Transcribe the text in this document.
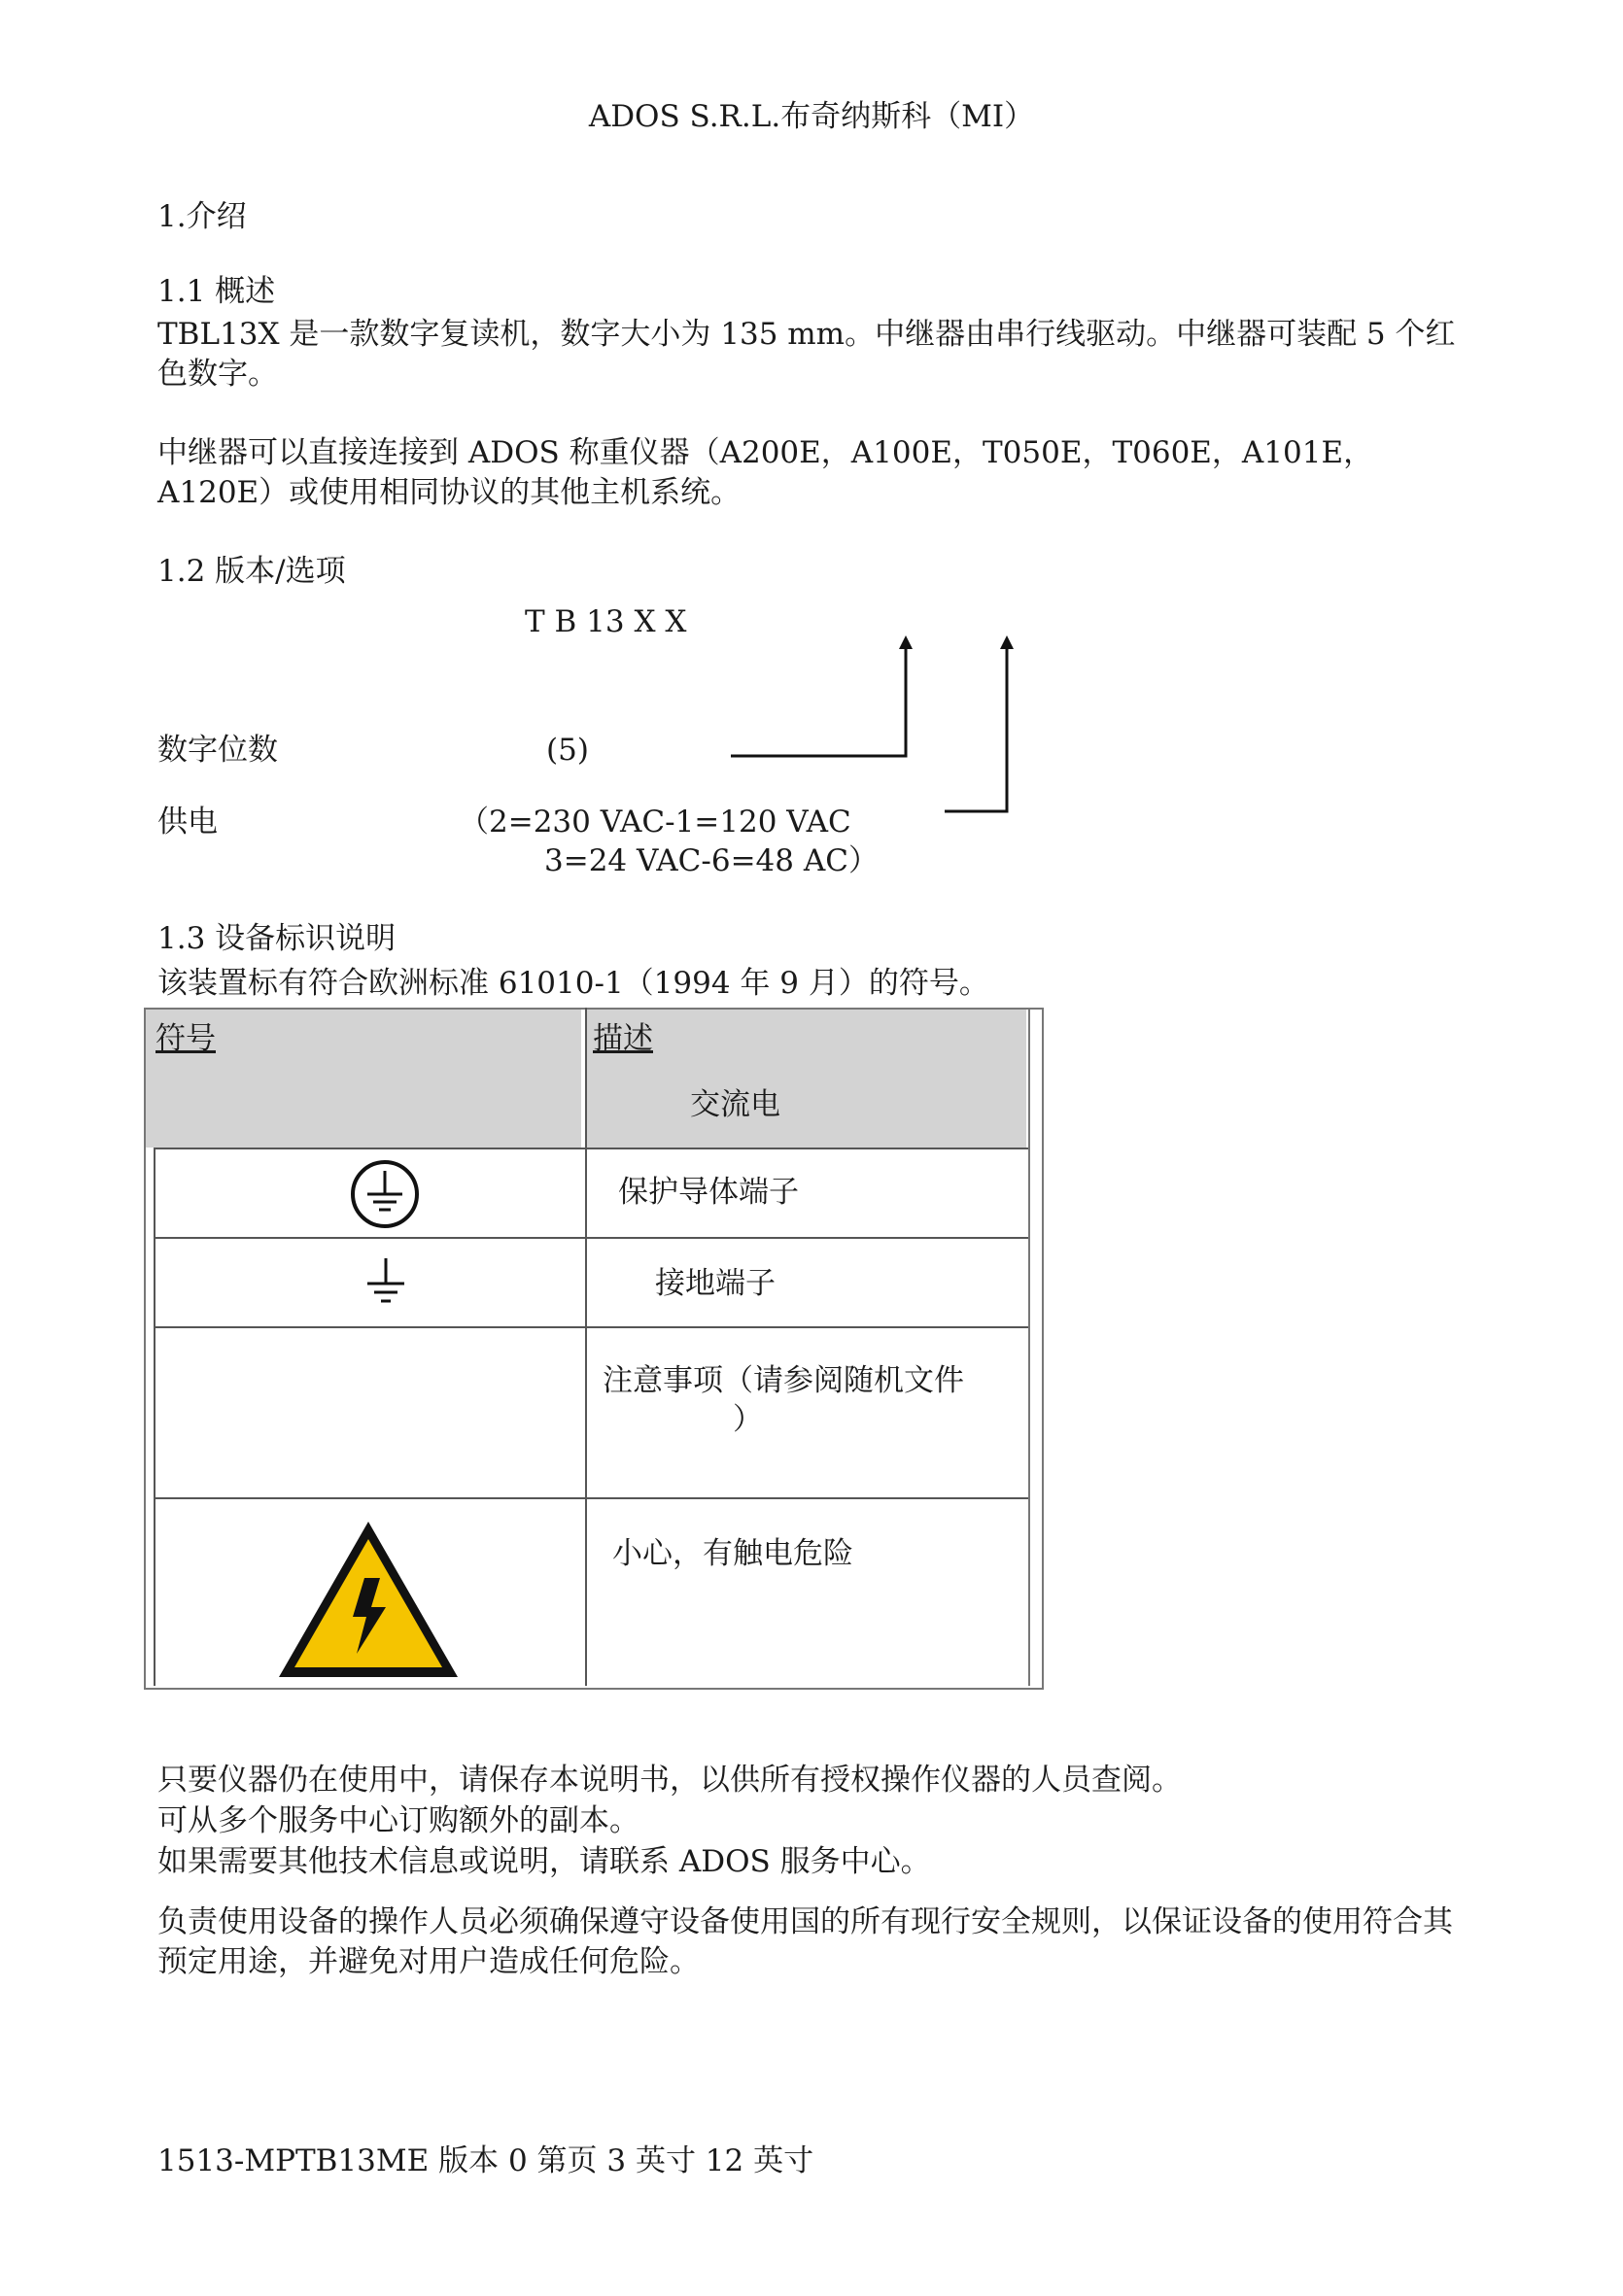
ADOS S.R.L.布奇纳斯科（MI）
1.介绍
1.1 概述
TBL13X 是一款数字复读机，数字大小为 135 mm。中继器由串行线驱动。中继器可装配 5 个红色数字。
中继器可以直接连接到 ADOS 称重仪器（A200E，A100E，T050E，T060E，A101E，A120E）或使用相同协议的其他主机系统。
1.2 版本/选项
T B 13 X X
数字位数	(5)
供电	（2=230 VAC-1=120 VAC
3=24 VAC-6=48 AC）
1.3 设备标识说明
该装置标有符合欧洲标准 61010-1（1994 年 9 月）的符号。
符号	描述
交流电
保护导体端子
接地端子
注意事项（请参阅随机文件
）
小心，有触电危险
只要仪器仍在使用中，请保存本说明书，以供所有授权操作仪器的人员查阅。
可从多个服务中心订购额外的副本。
如果需要其他技术信息或说明，请联系 ADOS 服务中心。
负责使用设备的操作人员必须确保遵守设备使用国的所有现行安全规则，以保证设备的使用符合其预定用途，并避免对用户造成任何危险。
1513-MPTB13ME 版本 0 第页 3 英寸 12 英寸
